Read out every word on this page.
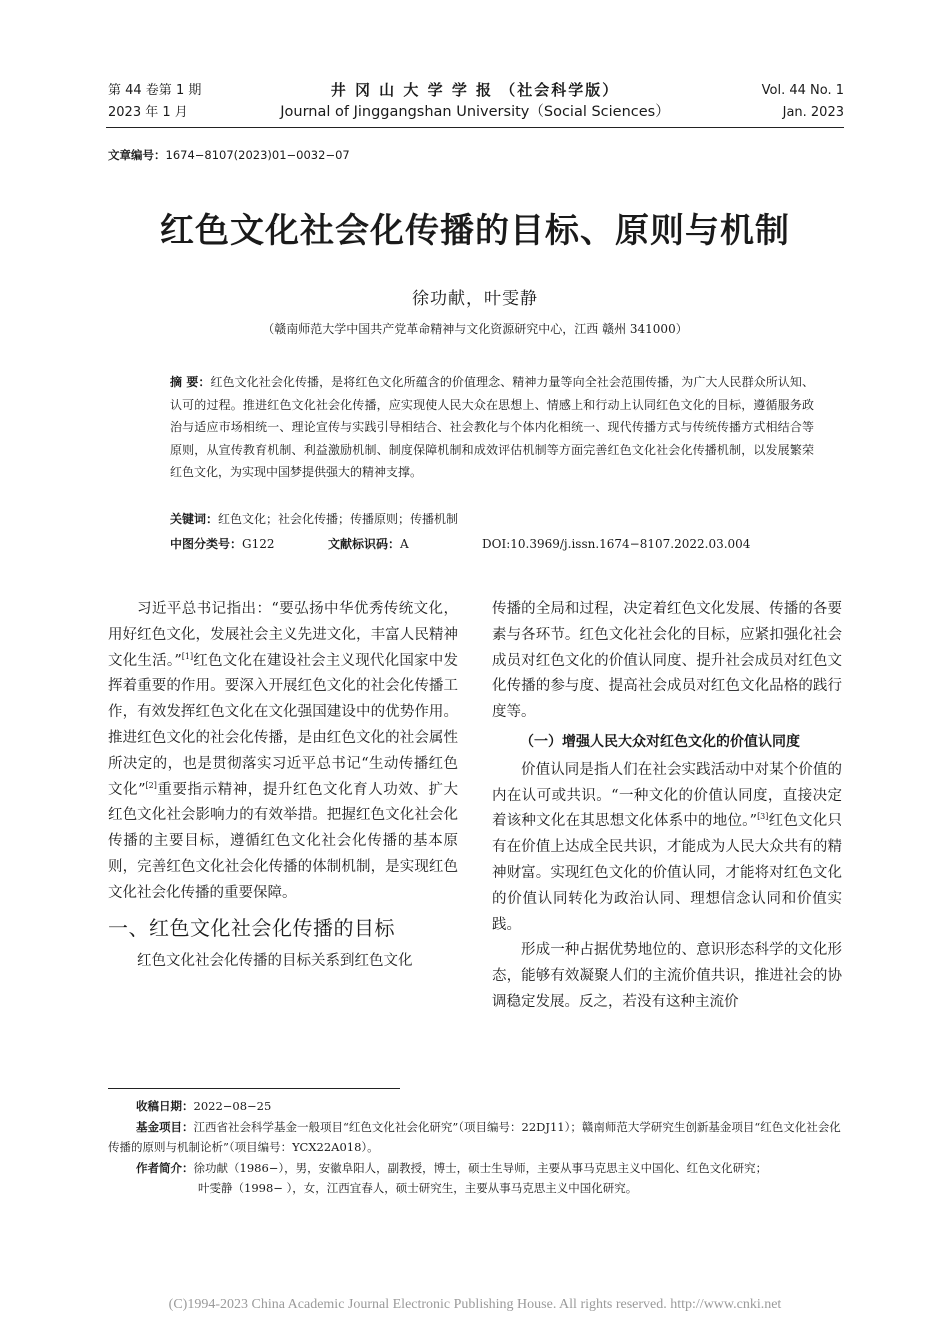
第 44 卷第 1 期
2023 年 1 月
井 冈 山 大 学 学 报 （社会科学版）
Journal of Jinggangshan University（Social Sciences）
Vol. 44 No. 1
Jan. 2023
文章编号：1674−8107(2023)01−0032−07
红色文化社会化传播的目标、原则与机制
徐功献，叶雯静
（赣南师范大学中国共产党革命精神与文化资源研究中心，江西 赣州 341000）
摘 要：红色文化社会化传播，是将红色文化所蕴含的价值理念、精神力量等向全社会范围传播，为广大人民群众所认知、认可的过程。推进红色文化社会化传播，应实现使人民大众在思想上、情感上和行动上认同红色文化的目标，遵循服务政治与适应市场相统一、理论宣传与实践引导相结合、社会教化与个体内化相统一、现代传播方式与传统传播方式相结合等原则，从宣传教育机制、利益激励机制、制度保障机制和成效评估机制等方面完善红色文化社会化传播机制，以发展繁荣红色文化，为实现中国梦提供强大的精神支撑。
关键词：红色文化；社会化传播；传播原则；传播机制
中图分类号：G122	文献标识码：A	DOI:10.3969/j.issn.1674−8107.2022.03.004

习近平总书记指出：“要弘扬中华优秀传统文化，用好红色文化，发展社会主义先进文化，丰富人民精神文化生活。”[1]红色文化在建设社会主义现代化国家中发挥着重要的作用。要深入开展红色文化的社会化传播工作，有效发挥红色文化在文化强国建设中的优势作用。推进红色文化的社会化传播，是由红色文化的社会属性所决定的，也是贯彻落实习近平总书记“生动传播红色文化”[2]重要指示精神，提升红色文化育人功效、扩大红色文化社会影响力的有效举措。把握红色文化社会化传播的主要目标，遵循红色文化社会化传播的基本原则，完善红色文化社会化传播的体制机制，是实现红色文化社会化传播的重要保障。

一、红色文化社会化传播的目标

红色文化社会化传播的目标关系到红色文化

传播的全局和过程，决定着红色文化发展、传播的各要素与各环节。红色文化社会化的目标，应紧扣强化社会成员对红色文化的价值认同度、提升社会成员对红色文化传播的参与度、提高社会成员对红色文化品格的践行度等。

（一）增强人民大众对红色文化的价值认同度

价值认同是指人们在社会实践活动中对某个价值的内在认可或共识。“一种文化的价值认同度，直接决定着该种文化在其思想文化体系中的地位。”[3]红色文化只有在价值上达成全民共识，才能成为人民大众共有的精神财富。实现红色文化的价值认同，才能将对红色文化的价值认同转化为政治认同、理想信念认同和价值实践。

形成一种占据优势地位的、意识形态科学的文化形态，能够有效凝聚人们的主流价值共识，推进社会的协调稳定发展。反之，若没有这种主流价

收稿日期：2022−08−25
基金项目：江西省社会科学基金一般项目“红色文化社会化研究”（项目编号：22DJ11）；赣南师范大学研究生创新基金项目“红色文化社会化传播的原则与机制论析”（项目编号：YCX22A018）。
作者简介：徐功献（1986−），男，安徽阜阳人，副教授，博士，硕士生导师，主要从事马克思主义中国化、红色文化研究；
叶雯静（1998− ），女，江西宜春人，硕士研究生，主要从事马克思主义中国化研究。
(C)1994-2023 China Academic Journal Electronic Publishing House. All rights reserved. http://www.cnki.net
